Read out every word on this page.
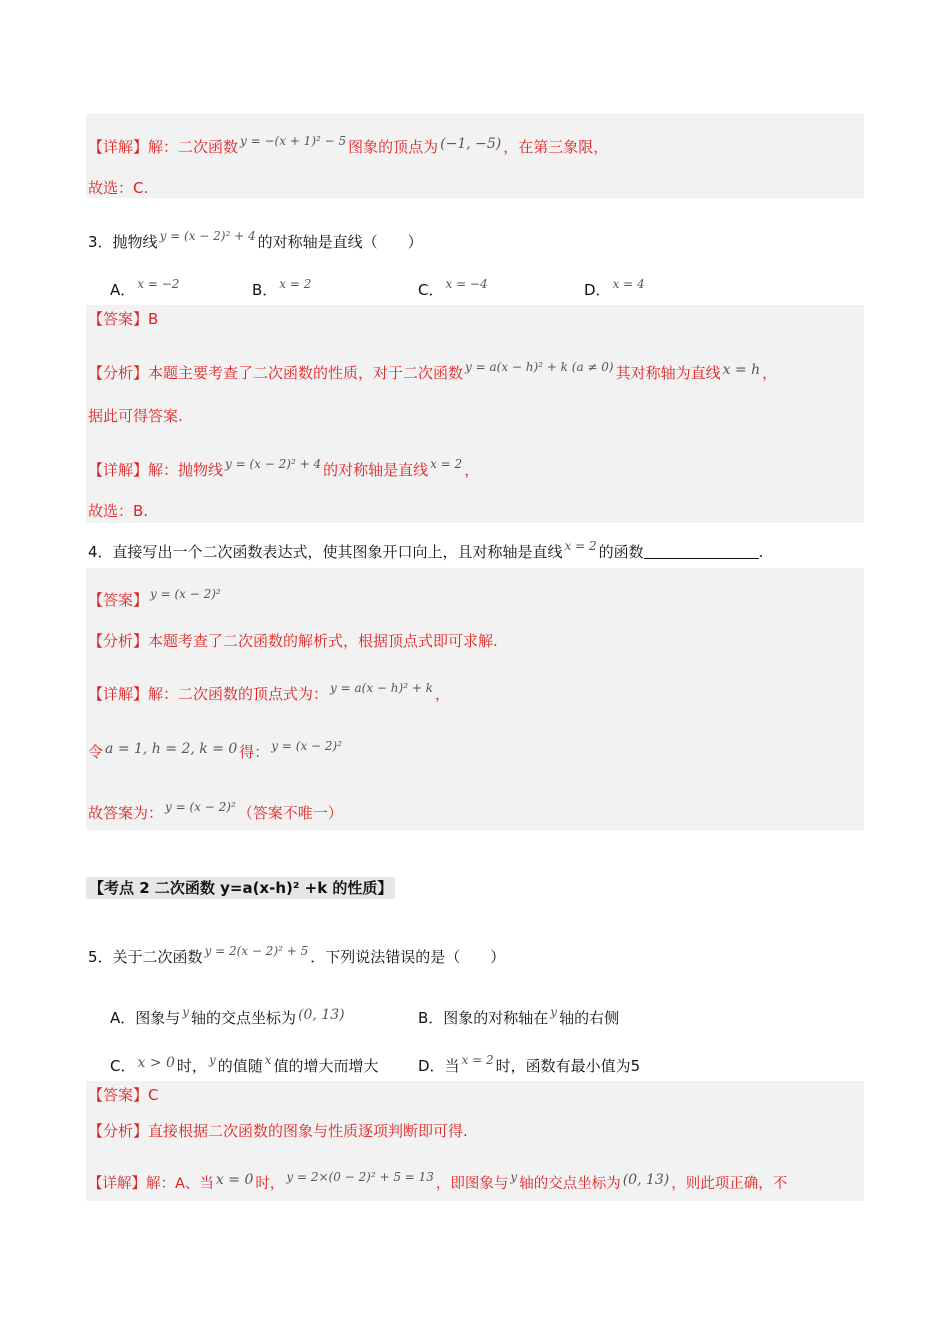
【详解】解：二次函数 $^{y = -(x + 1)^2 - 5}$ 图象的顶点为 (−1, −5) ，在第三象限，
故选：C.
3．抛物线 $^{y = (x - 2)^2 + 4}$ 的对称轴是直线（　　）
A． $^{x = -2}$	B． $^{x = 2}$	C． $^{x = -4}$	D． $^{x = 4}$
【答案】B
【分析】本题主要考查了二次函数的性质，对于二次函数 $^{y = a(x - h)^2 + k (a \ne 0)}$ 其对称轴为直线 x = h ，
据此可得答案.
【详解】解：抛物线 $^{y = (x - 2)^2 + 4}$ 的对称轴是直线 $^{x = 2}$ ，
故选：B.
4．直接写出一个二次函数表达式，使其图象开口向上，且对称轴是直线 $^{x = 2}$ 的函数	.
【答案】 $^{y = (x - 2)^2}$
【分析】本题考查了二次函数的解析式，根据顶点式即可求解.
【详解】解：二次函数的顶点式为： $^{y = a(x - h)^2 + k}$ ，
令 a = 1, h = 2, k = 0 得： $^{y = (x - 2)^2}$
故答案为： $^{y = (x - 2)^2}$ （答案不唯一）
【考点 2 二次函数 y=a(x-h)² +k 的性质】
5．关于二次函数 $^{y = 2(x - 2)^2 + 5}$ ．下列说法错误的是（　　）
A．图象与 $^y$ 轴的交点坐标为 (0, 13)	B．图象的对称轴在 $^y$ 轴的右侧
C． x > 0 时， $^y$ 的值随 $^x$ 值的增大而增大	D．当 $^{x = 2}$ 时，函数有最小值为5
【答案】C
【分析】直接根据二次函数的图象与性质逐项判断即可得.
【详解】解：A、当 x = 0 时， $^{y = 2\times(0 - 2)^2 + 5 = 13}$ ，即图象与 $^y$ 轴的交点坐标为 (0, 13) ，则此项正确，不
